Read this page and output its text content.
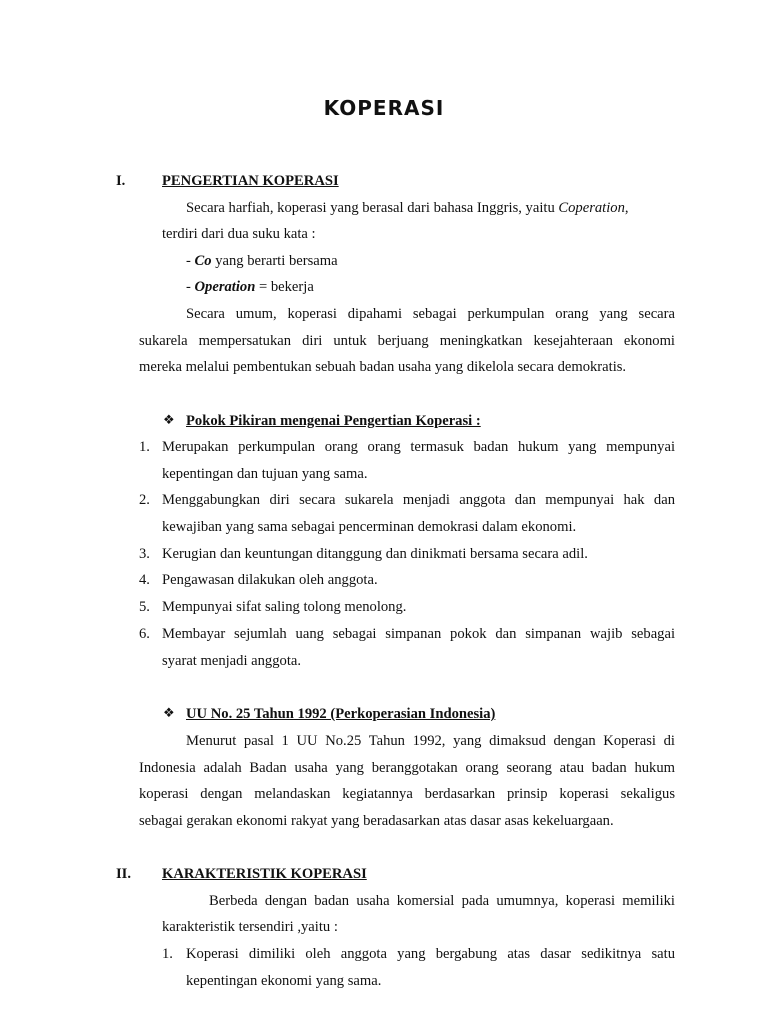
KOPERASI
I.	PENGERTIAN KOPERASI
Secara harfiah, koperasi yang berasal dari bahasa Inggris, yaitu Coperation,
terdiri dari dua suku kata :
- Co yang berarti bersama
- Operation = bekerja
Secara umum, koperasi dipahami sebagai perkumpulan orang yang secara
sukarela mempersatukan diri untuk berjuang meningkatkan kesejahteraan ekonomi
mereka melalui pembentukan sebuah badan usaha yang dikelola secara demokratis.
❖ Pokok Pikiran mengenai Pengertian Koperasi :
1. Merupakan perkumpulan orang orang termasuk badan hukum yang mempunyai
kepentingan dan tujuan yang sama.
2. Menggabungkan diri secara sukarela menjadi anggota dan mempunyai hak dan
kewajiban yang sama sebagai pencerminan demokrasi dalam ekonomi.
3. Kerugian dan keuntungan ditanggung dan dinikmati bersama secara adil.
4. Pengawasan dilakukan oleh anggota.
5. Mempunyai sifat saling tolong menolong.
6. Membayar sejumlah uang sebagai simpanan pokok dan simpanan wajib sebagai
syarat menjadi anggota.
❖ UU No. 25 Tahun 1992 (Perkoperasian Indonesia)
Menurut pasal 1 UU No.25 Tahun 1992, yang dimaksud dengan Koperasi di
Indonesia adalah Badan usaha yang beranggotakan orang seorang atau badan hukum
koperasi dengan melandaskan kegiatannya berdasarkan prinsip koperasi sekaligus
sebagai gerakan ekonomi rakyat yang beradasarkan atas dasar asas kekeluargaan.
II. KARAKTERISTIK KOPERASI
Berbeda dengan badan usaha komersial pada umumnya, koperasi memiliki
karakteristik tersendiri ,yaitu :
1. Koperasi dimiliki oleh anggota yang bergabung atas dasar sedikitnya satu
kepentingan ekonomi yang sama.
